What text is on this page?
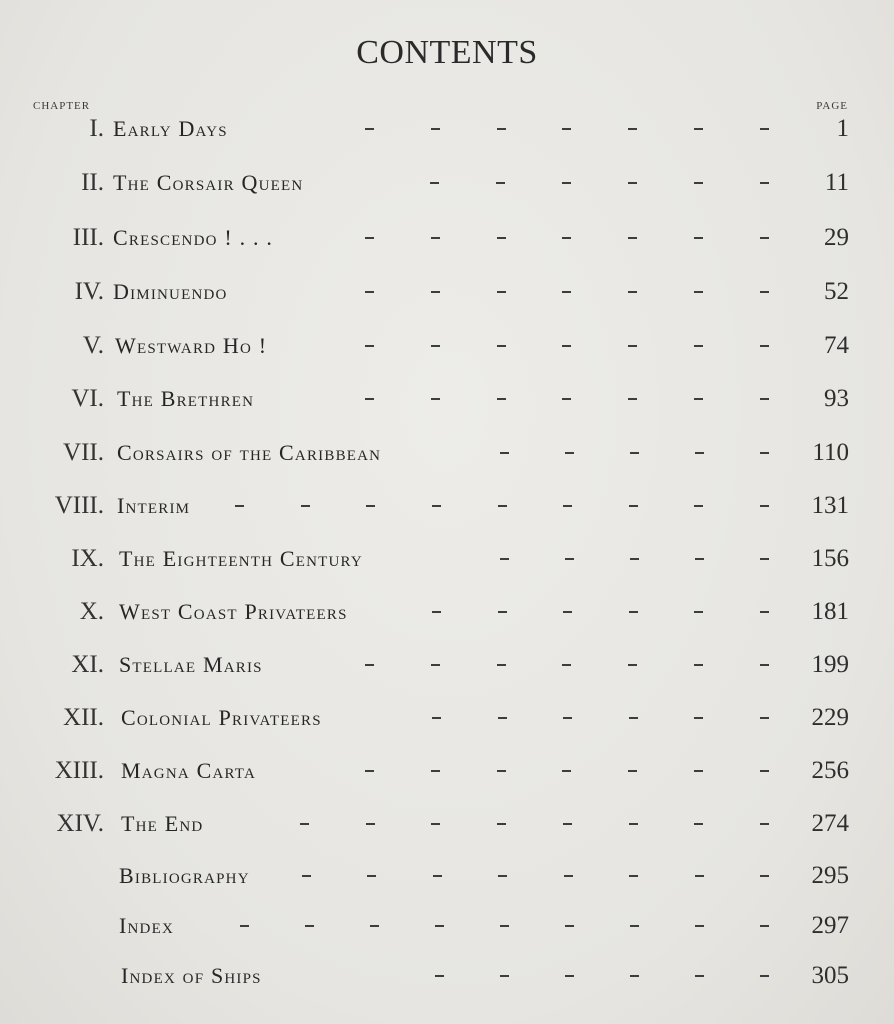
CONTENTS
CHAPTER	PAGE
I. Early Days	1
II. The Corsair Queen	11
III. Crescendo ! . . .	29
IV. Diminuendo	52
V. Westward Ho !	74
VI. The Brethren	93
VII. Corsairs of the Caribbean	110
VIII. Interim	131
IX. The Eighteenth Century	156
X. West Coast Privateers	181
XI. Stellae Maris	199
XII. Colonial Privateers	229
XIII. Magna Carta	256
XIV. The End	274
Bibliography	295
Index	297
Index of Ships	305
